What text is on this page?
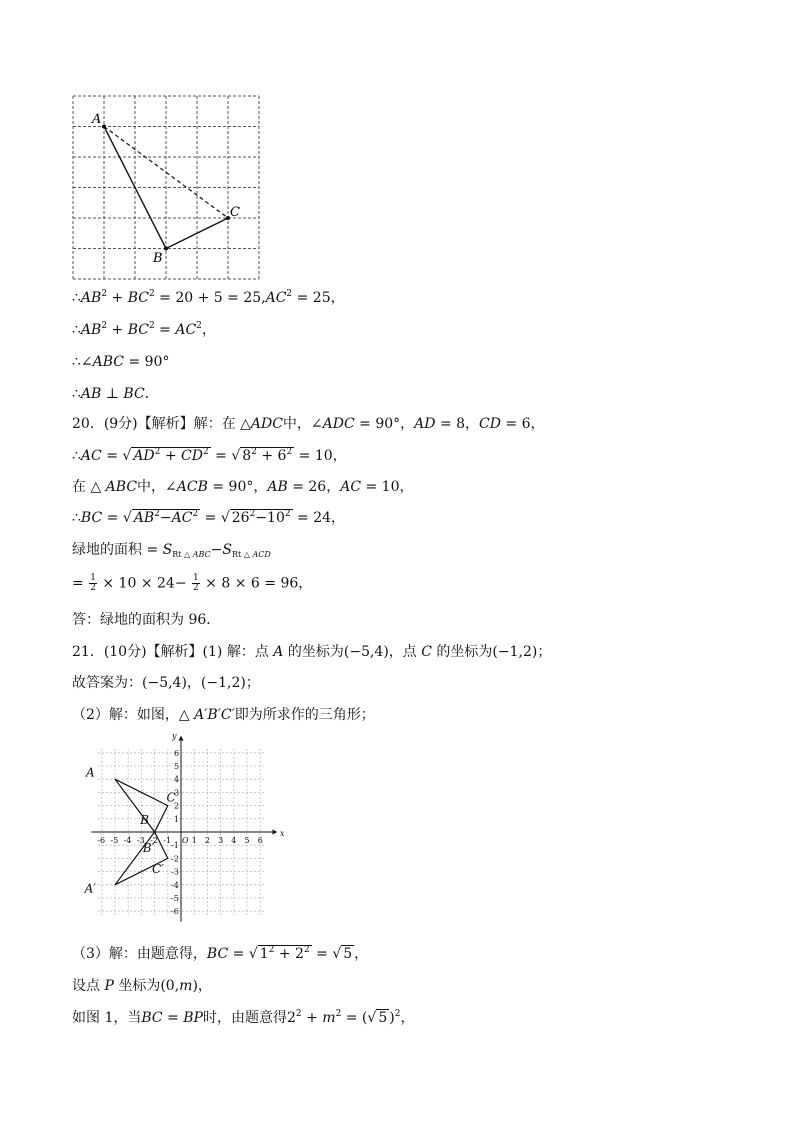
A
B
C
$\therefore AB^2 + BC^2 = 20 + 5 = 25,AC^2 = 25$，
$\therefore AB^2 + BC^2 = AC^2$，
∴∠ABC = 90°
∴AB ⊥ BC．
20．(9分)【解析】解：在 △ADC中，∠ADC = 90°，AD = 8，CD = 6，
∴AC = √ $AD^2 + CD^2$ = √ $8^2 + 6^2 = 10$，
在 △ ABC中，∠ACB = 90°，AB = 26，AC = 10，
∴BC = √ $AB^2-AC^2$ = √ $26^2-10^2 = 24$，
绿地的面积 = $S_{Rt \triangle ABC}-S_{Rt \triangle ACD}$
= $\frac{1}{2} \times 10 \times 24- \frac{1}{2} \times 8 \times 6 = 96$，
答：绿地的面积为 96．
21．(10分)【解析】(1) 解：点 A 的坐标为(−5,4)，点 C 的坐标为(−1,2)；
故答案为：(−5,4)，(−1,2)；
（2）解：如图，△ A′B′C′即为所求作的三角形；
-6 -5 -4 -3 -2 -1	1 2 3 4 5 6
6
5
4
3
2
1
-1
-2
-3
-4
-5
-6
O
x
y
A
B
C
A′
B′
C′
（3）解：由题意得，BC = √ $1^2 + 2^2$ = √ 5 ，
设点 P 坐标为(0,m)，
如图 1，当BC = BP时，由题意得$2^2 + m^2$ = (√ 5 )$^2$，
